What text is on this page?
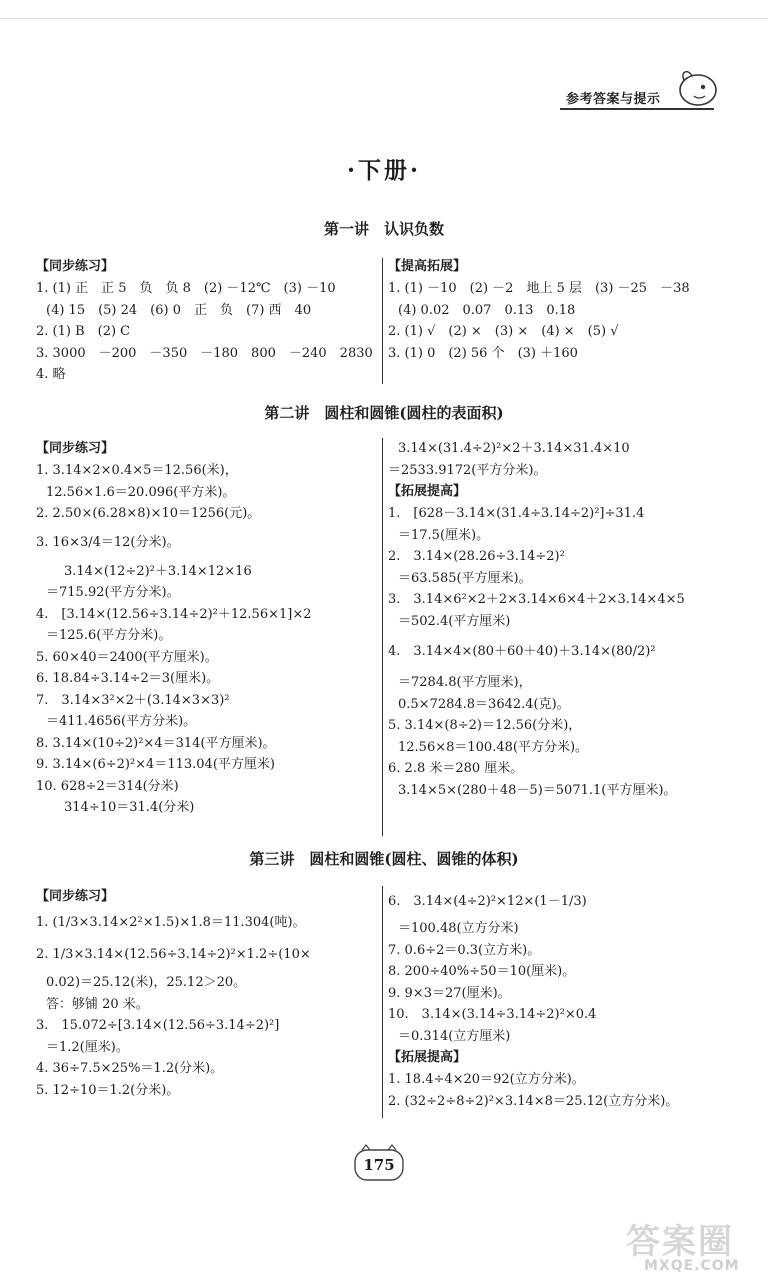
参考答案与提示
·下册·
第一讲　认识负数
【同步练习】
1. (1) 正　正 5　负　负 8　(2) －12℃　(3) －10
(4) 15　(5) 24　(6) 0　正　负　(7) 西　40
2. (1) B　(2) C
3. 3000　－200　－350　－180　800　－240　2830
4. 略
【提高拓展】
1. (1) －10　(2) －2　地上 5 层　(3) －25　－38
(4) 0.02　0.07　0.13　0.18
2. (1) √　(2) ×　(3) ×　(4) ×　(5) √
3. (1) 0　(2) 56 个　(3) ＋160
第二讲　圆柱和圆锥(圆柱的表面积)
【同步练习】
1. 3.14×2×0.4×5＝12.56(米)，
12.56×1.6＝20.096(平方米)。
2. 2.50×(6.28×8)×10＝1256(元)。
3. 16×3/4＝12(分米)。
3.14×(12÷2)²＋3.14×12×16
＝715.92(平方分米)。
4.　[3.14×(12.56÷3.14÷2)²＋12.56×1]×2
＝125.6(平方分米)。
5. 60×40＝2400(平方厘米)。
6. 18.84÷3.14÷2＝3(厘米)。
7.　3.14×3²×2＋(3.14×3×3)²
＝411.4656(平方分米)。
8. 3.14×(10÷2)²×4＝314(平方厘米)。
9. 3.14×(6÷2)²×4＝113.04(平方厘米)
10. 628÷2＝314(分米)
314÷10＝31.4(分米)
3.14×(31.4÷2)²×2＋3.14×31.4×10
＝2533.9172(平方分米)。
【拓展提高】
1.　[628－3.14×(31.4÷3.14÷2)²]÷31.4
＝17.5(厘米)。
2.　3.14×(28.26÷3.14÷2)²
＝63.585(平方厘米)。
3.　3.14×6²×2＋2×3.14×6×4＋2×3.14×4×5
＝502.4(平方厘米)
4.　3.14×4×(80＋60＋40)＋3.14×(80/2)²
＝7284.8(平方厘米)，
0.5×7284.8＝3642.4(克)。
5. 3.14×(8÷2)＝12.56(分米)，
12.56×8＝100.48(平方分米)。
6. 2.8 米＝280 厘米。
3.14×5×(280＋48－5)＝5071.1(平方厘米)。
第三讲　圆柱和圆锥(圆柱、圆锥的体积)
【同步练习】
1. (1/3×3.14×2²×1.5)×1.8＝11.304(吨)。
2. 1/3×3.14×(12.56÷3.14÷2)²×1.2÷(10×
0.02)＝25.12(米)，25.12＞20。
答：够铺 20 米。
3.　15.072÷[3.14×(12.56÷3.14÷2)²]
＝1.2(厘米)。
4. 36÷7.5×25%＝1.2(分米)。
5. 12÷10＝1.2(分米)。
6.　3.14×(4÷2)²×12×(1－1/3)
＝100.48(立方分米)
7. 0.6÷2＝0.3(立方米)。
8. 200÷40%÷50＝10(厘米)。
9. 9×3＝27(厘米)。
10.　3.14×(3.14÷3.14÷2)²×0.4
＝0.314(立方厘米)
【拓展提高】
1. 18.4÷4×20＝92(立方分米)。
2. (32÷2÷8÷2)²×3.14×8＝25.12(立方分米)。
175
答案圈
MXQE.COM
